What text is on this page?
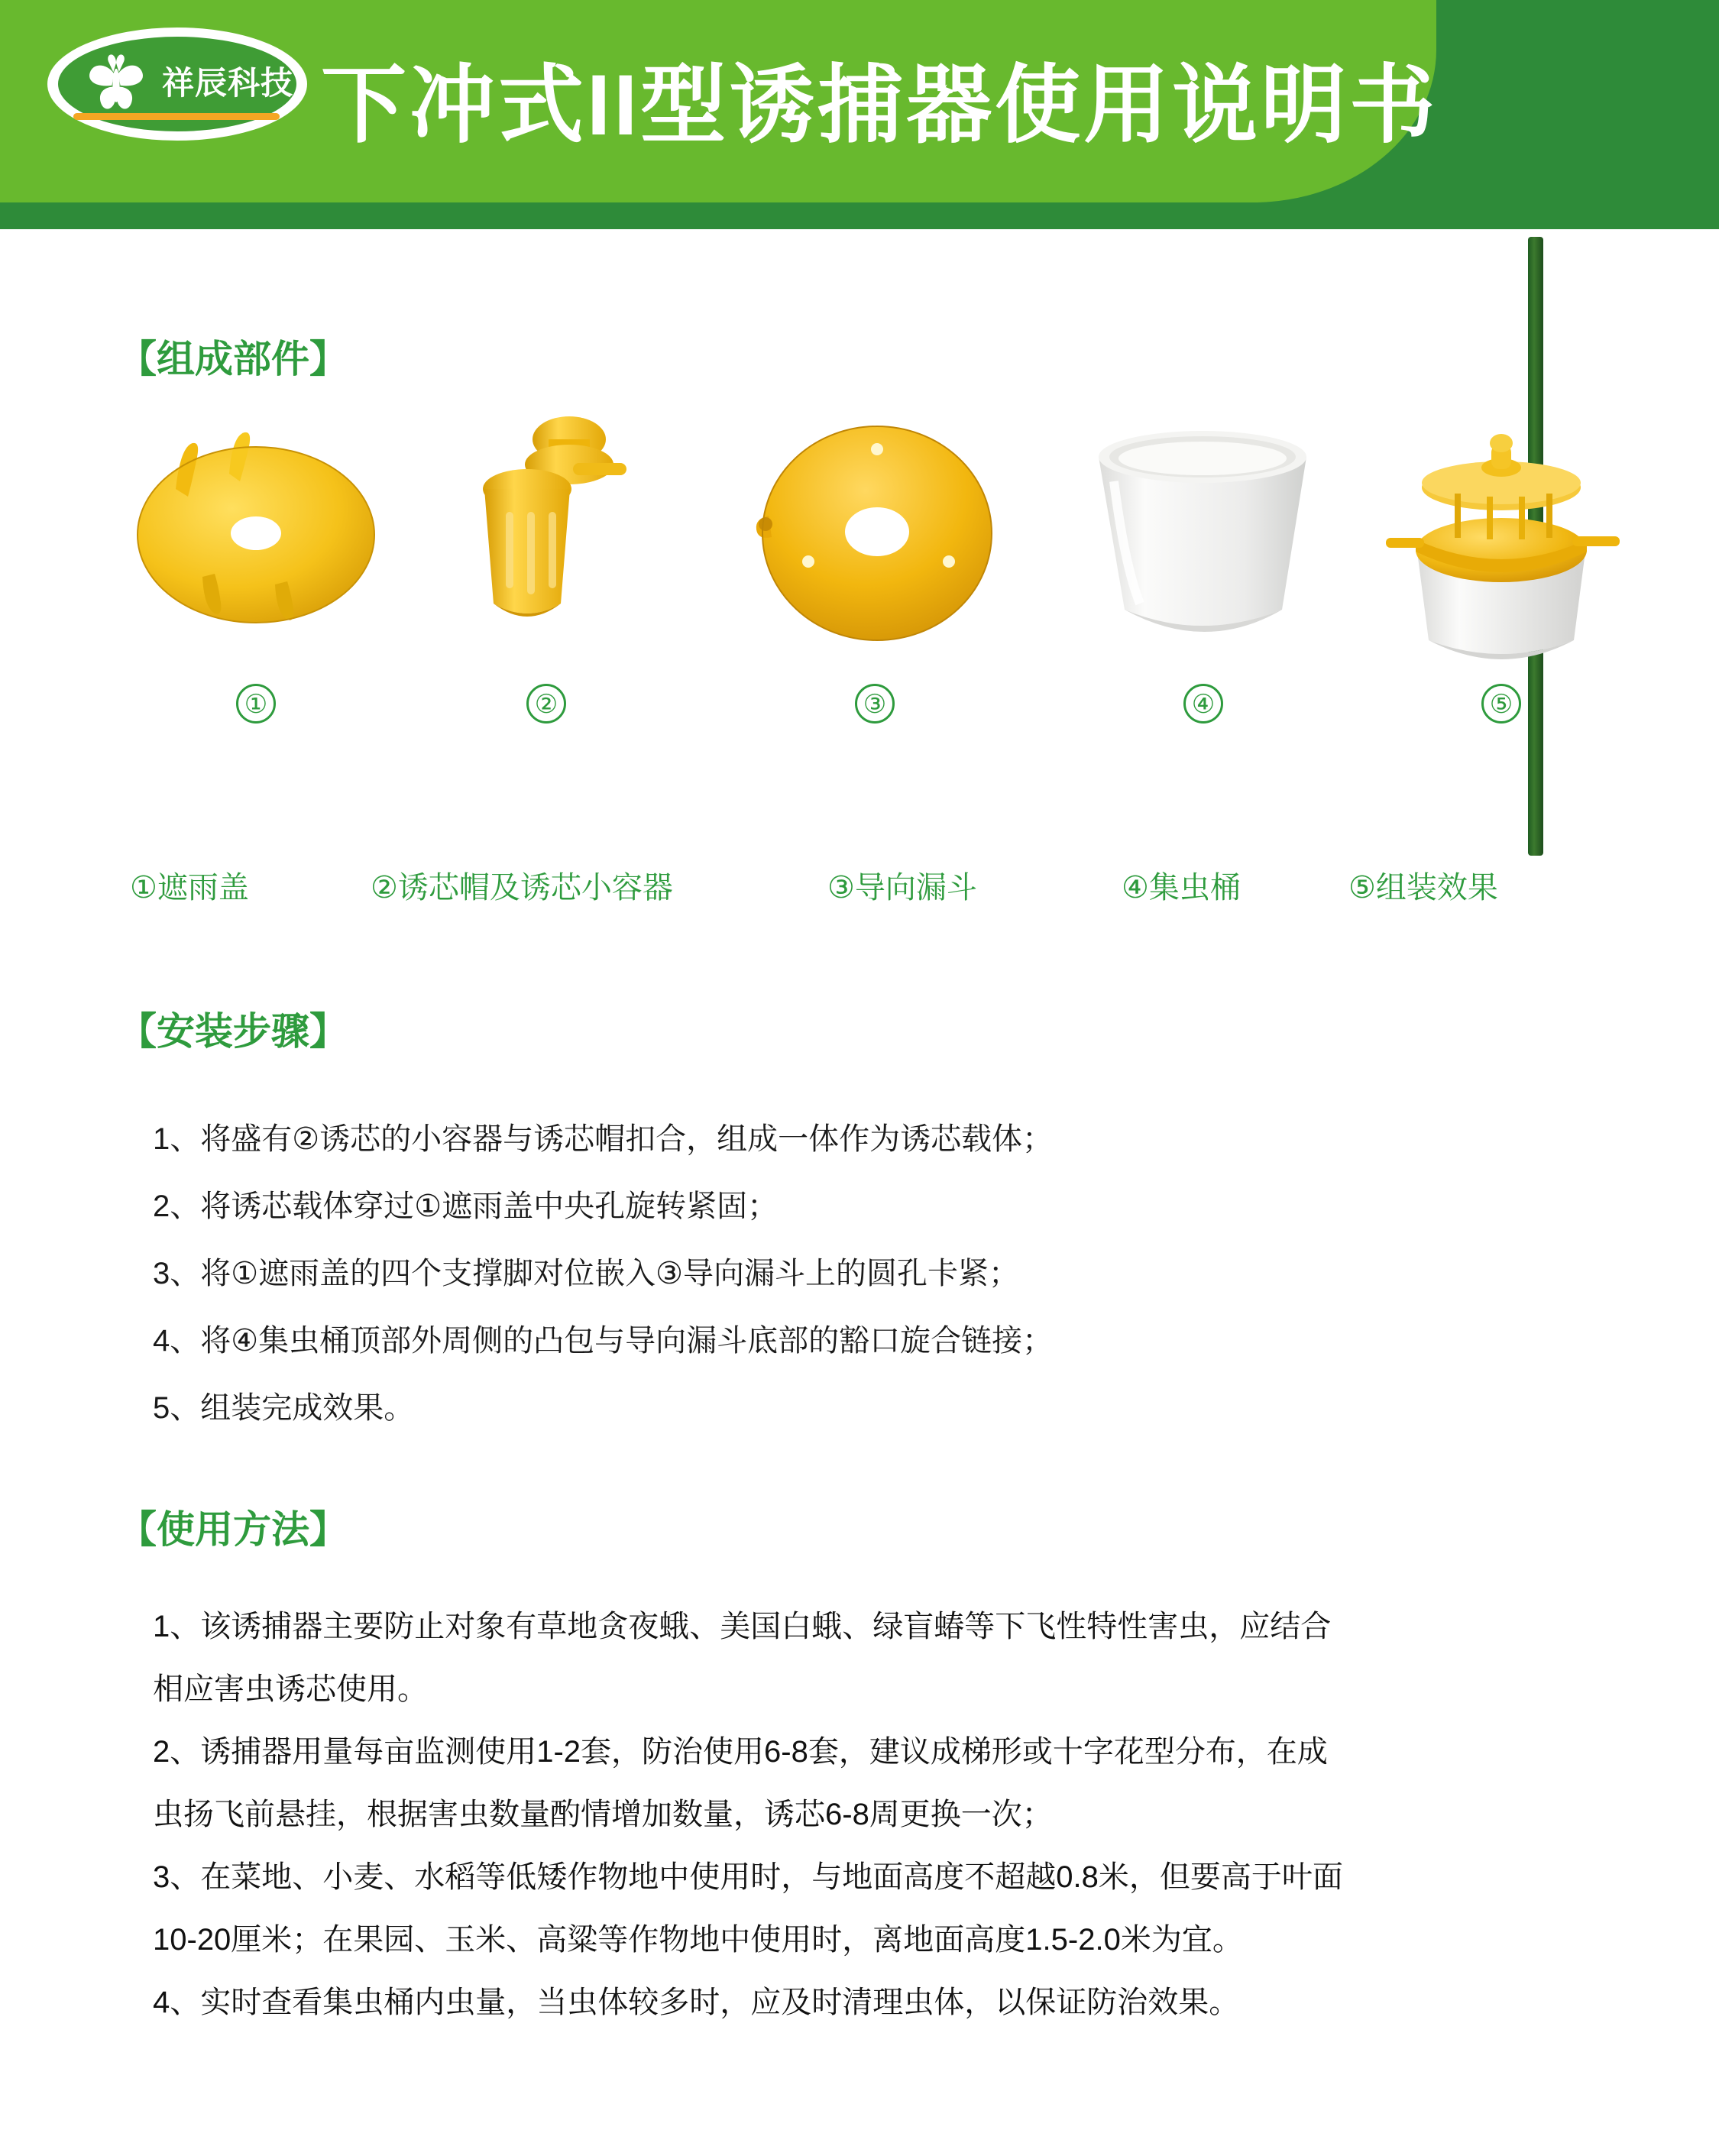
祥辰科技 下冲式II型诱捕器使用说明书
【组成部件】
①	②	③	④	⑤
①遮雨盖	②诱芯帽及诱芯小容器	③导向漏斗	④集虫桶	⑤组装效果
【安装步骤】
1、将盛有②诱芯的小容器与诱芯帽扣合，组成一体作为诱芯载体；
2、将诱芯载体穿过①遮雨盖中央孔旋转紧固；
3、将①遮雨盖的四个支撑脚对位嵌入③导向漏斗上的圆孔卡紧；
4、将④集虫桶顶部外周侧的凸包与导向漏斗底部的豁口旋合链接；
5、组装完成效果。
【使用方法】
1、该诱捕器主要防止对象有草地贪夜蛾、美国白蛾、绿盲蝽等下飞性特性害虫，应结合
相应害虫诱芯使用。
2、诱捕器用量每亩监测使用1-2套，防治使用6-8套，建议成梯形或十字花型分布，在成
虫扬飞前悬挂，根据害虫数量酌情增加数量，诱芯6-8周更换一次；
3、在菜地、小麦、水稻等低矮作物地中使用时，与地面高度不超越0.8米，但要高于叶面
10-20厘米；在果园、玉米、高粱等作物地中使用时，离地面高度1.5-2.0米为宜。
4、实时查看集虫桶内虫量，当虫体较多时，应及时清理虫体，以保证防治效果。
